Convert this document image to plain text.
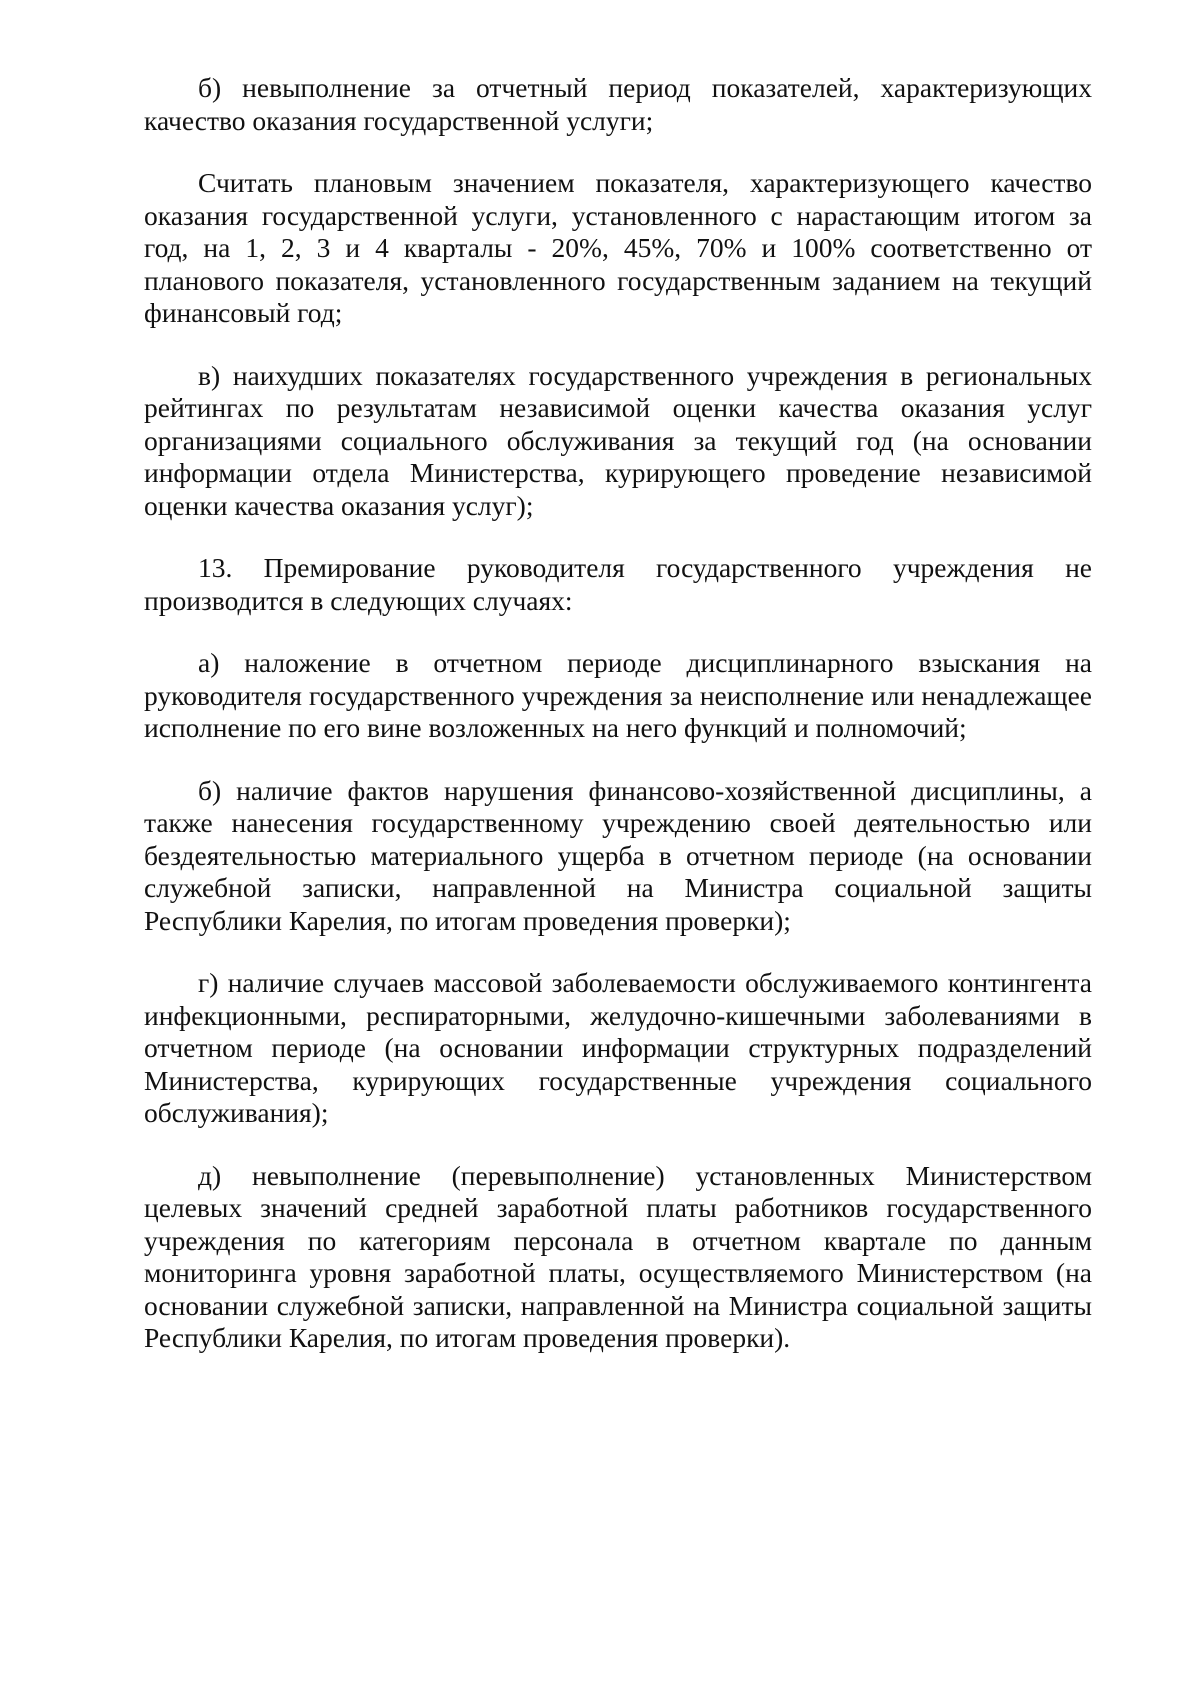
б) невыполнение за отчетный период показателей, характеризующих качество оказания государственной услуги;

Считать плановым значением показателя, характеризующего качество оказания государственной услуги, установленного с нарастающим итогом за год, на 1, 2, 3 и 4 кварталы - 20%, 45%, 70% и 100% соответственно от планового показателя, установленного государственным заданием на текущий финансовый год;

в) наихудших показателях государственного учреждения в региональных рейтингах по результатам независимой оценки качества оказания услуг организациями социального обслуживания за текущий год (на основании информации отдела Министерства, курирующего проведение независимой оценки качества оказания услуг);

13. Премирование руководителя государственного учреждения не производится в следующих случаях:

а) наложение в отчетном периоде дисциплинарного взыскания на руководителя государственного учреждения за неисполнение или ненадлежащее исполнение по его вине возложенных на него функций и полномочий;

б) наличие фактов нарушения финансово-хозяйственной дисциплины, а также нанесения государственному учреждению своей деятельностью или бездеятельностью материального ущерба в отчетном периоде (на основании служебной записки, направленной на Министра социальной защиты Республики Карелия, по итогам проведения проверки);

г) наличие случаев массовой заболеваемости обслуживаемого контингента инфекционными, респираторными, желудочно-кишечными заболеваниями в отчетном периоде (на основании информации структурных подразделений Министерства, курирующих государственные учреждения социального обслуживания);

д) невыполнение (перевыполнение) установленных Министерством целевых значений средней заработной платы работников государственного учреждения по категориям персонала в отчетном квартале по данным мониторинга уровня заработной платы, осуществляемого Министерством (на основании служебной записки, направленной на Министра социальной защиты Республики Карелия, по итогам проведения проверки).
